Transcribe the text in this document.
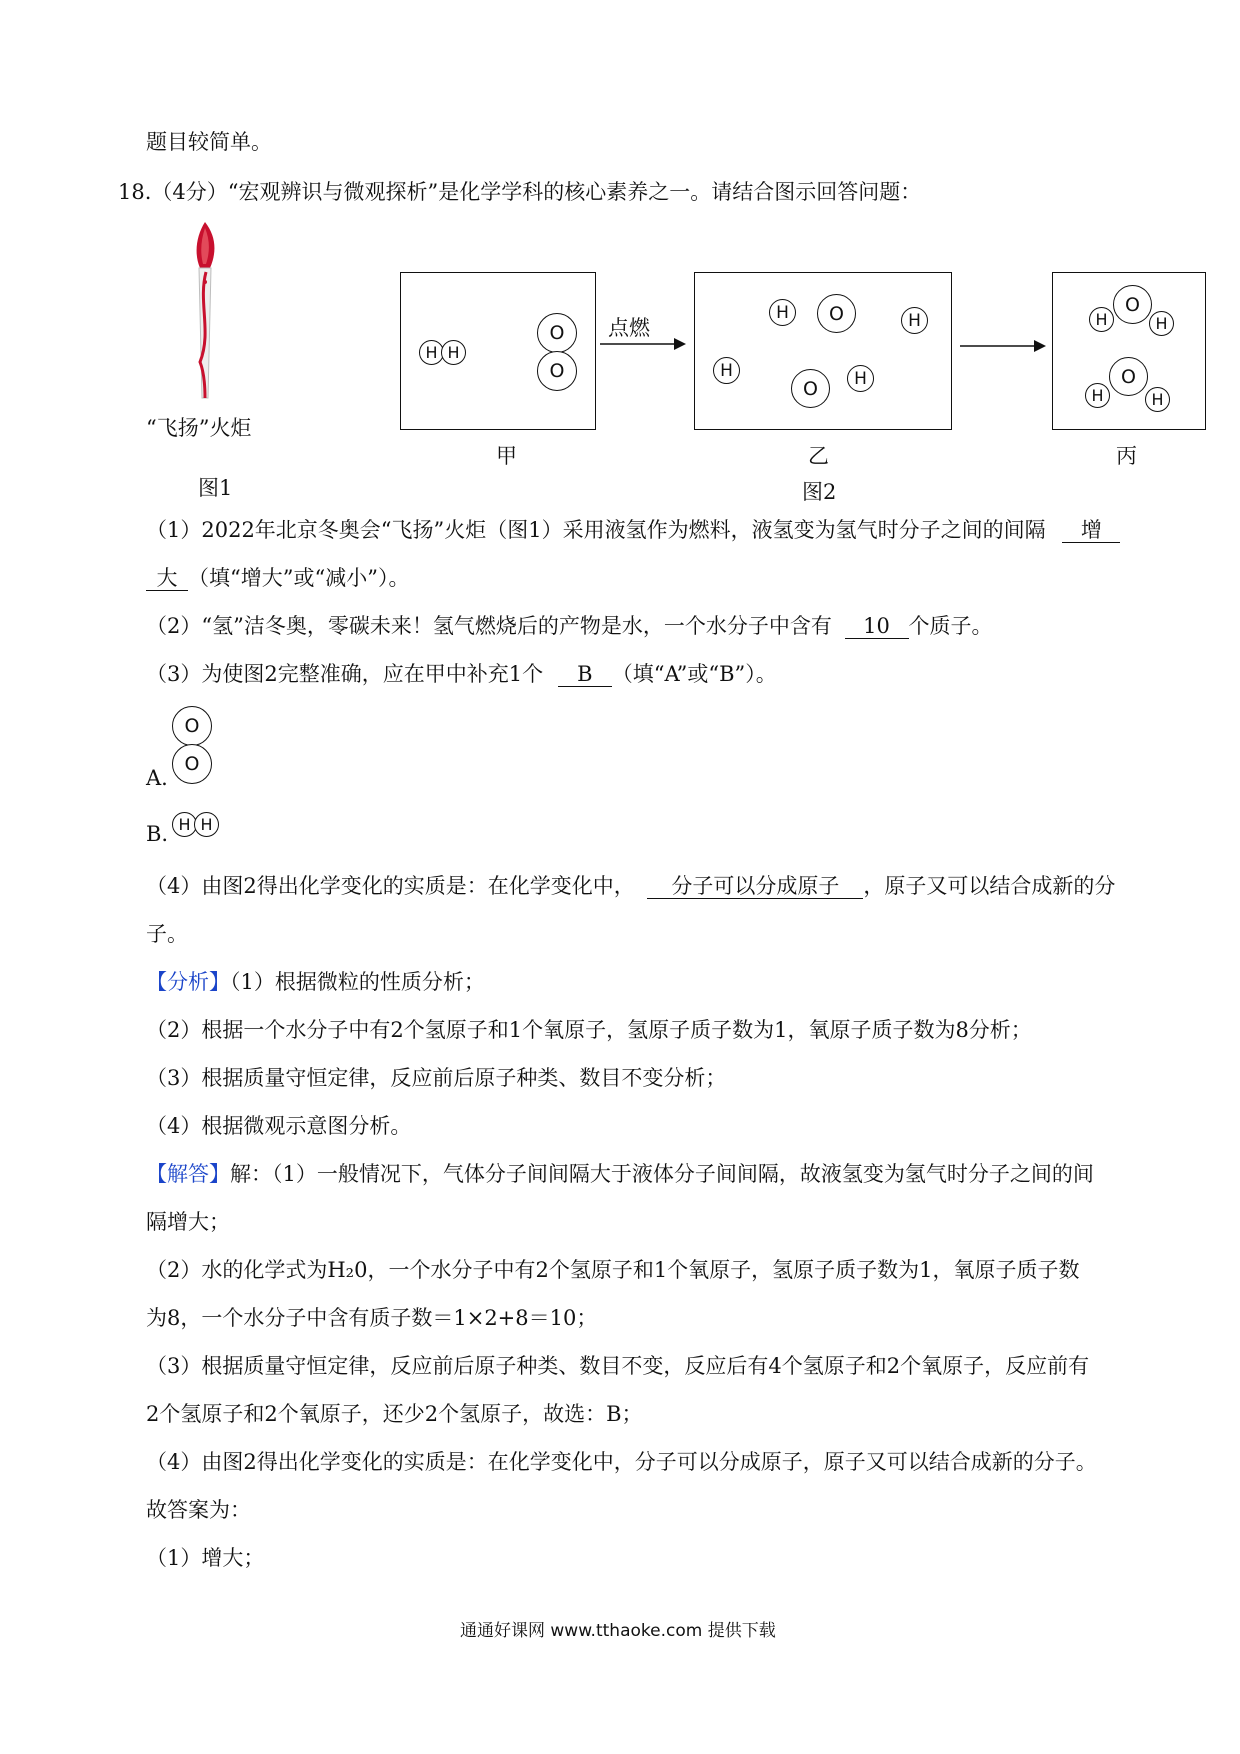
题目较简单。
18.（4分）“宏观辨识与微观探析”是化学学科的核心素养之一。请结合图示回答问题：
“飞扬”火炬
图1
H H
O
O
甲
点燃
H	O	H
H
O	H
乙
图2
O
H	H
O
H	H
丙
（1）2022年北京冬奥会“飞扬”火炬（图1）采用液氢作为燃料，液氢变为氢气时分子之间的间隔 增
大 （填“增大”或“减小”）。
（2）“氢”洁冬奥，零碳未来！氢气燃烧后的产物是水，一个水分子中含有 10 个质子。
（3）为使图2完整准确，应在甲中补充1个 B （填“A”或“B”）。
O
O
A.
B. H H
（4）由图2得出化学变化的实质是：在化学变化中， 分子可以分成原子 ，原子又可以结合成新的分
子。
【分析】（1）根据微粒的性质分析；
（2）根据一个水分子中有2个氢原子和1个氧原子，氢原子质子数为1，氧原子质子数为8分析；
（3）根据质量守恒定律，反应前后原子种类、数目不变分析；
（4）根据微观示意图分析。
【解答】解：（1）一般情况下，气体分子间间隔大于液体分子间间隔，故液氢变为氢气时分子之间的间
隔增大；
（2）水的化学式为H₂0，一个水分子中有2个氢原子和1个氧原子，氢原子质子数为1，氧原子质子数
为8，一个水分子中含有质子数＝1×2+8＝10；
（3）根据质量守恒定律，反应前后原子种类、数目不变，反应后有4个氢原子和2个氧原子，反应前有
2个氢原子和2个氧原子，还少2个氢原子，故选：B；
（4）由图2得出化学变化的实质是：在化学变化中，分子可以分成原子，原子又可以结合成新的分子。
故答案为：
（1）增大；
通通好课网 www.tthaoke.com 提供下载
